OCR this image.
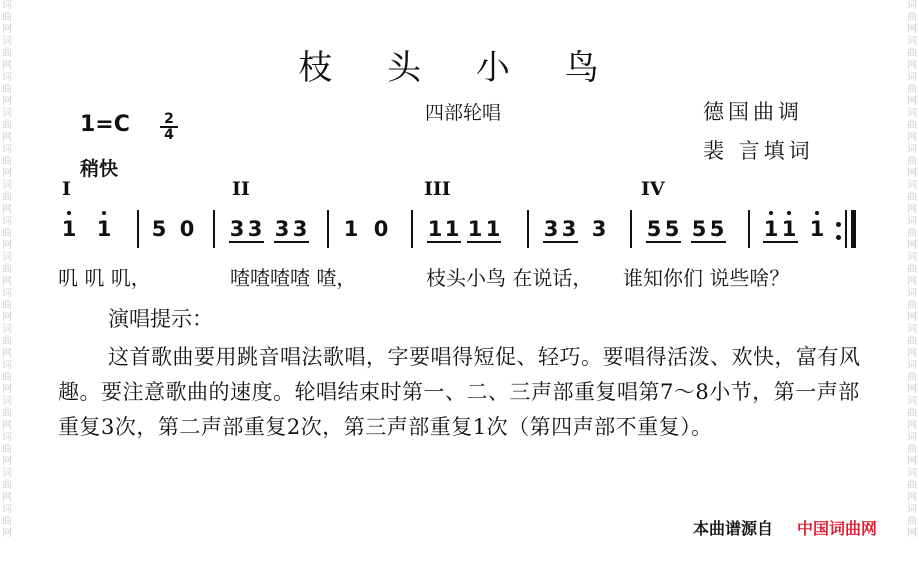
词曲网词曲网词曲网词曲网词曲网词曲网词曲网词曲网词曲网词曲网词曲网词曲网词曲网词曲网词曲网
词曲网词曲网词曲网词曲网词曲网词曲网词曲网词曲网词曲网词曲网词曲网词曲网词曲网词曲网词曲网
枝 头 小 鸟
1=C 2
4
稍快
四部轮唱	德国曲调
裴 言填词
I	II	III	IV
1 1 5 0 3 3 3 3 1 0 1 1 1 1 3 3 3 5 5 5 5 1 1 1
叽 叽 叽，	喳喳喳喳 喳，	枝头小鸟 在说话， 谁知你们 说些啥？
演唱提示：
这首歌曲要用跳音唱法歌唱，字要唱得短促、轻巧。要唱得活泼、欢快，富有风趣。要注意歌曲的速度。轮唱结束时第一、二、三声部重复唱第7～8小节，第一声部重复3次，第二声部重复2次，第三声部重复1次（第四声部不重复）。
本曲谱源自 中国词曲网
